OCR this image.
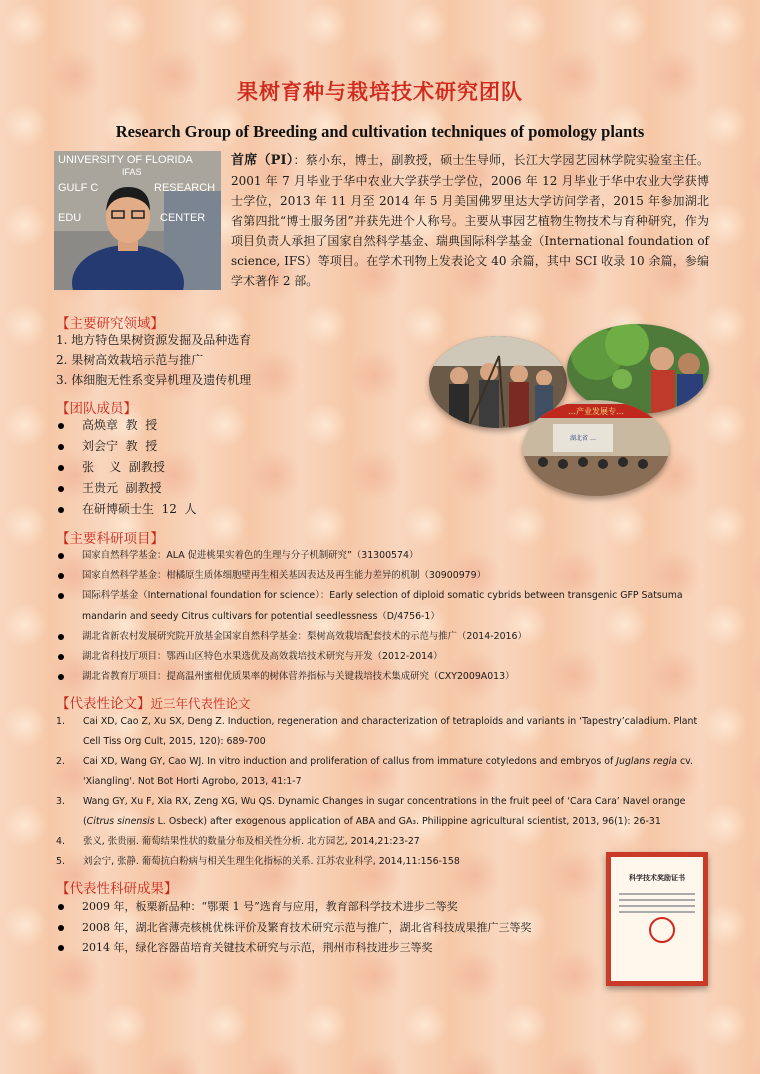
果树育种与栽培技术研究团队
Research Group of Breeding and cultivation techniques of pomology plants
UNIVERSITY OF FLORIDA
IFAS
GULF C	RESEARCH
EDU	CENTER
首席（PI）：蔡小东，博士，副教授，硕士生导师，长江大学园艺园林学院实验室主任。2001 年 7 月毕业于华中农业大学获学士学位，2006 年 12 月毕业于华中农业大学获博士学位，2013 年 11 月至 2014 年 5 月美国佛罗里达大学访问学者，2015 年参加湖北省第四批“博士服务团”并获先进个人称号。主要从事园艺植物生物技术与育种研究，作为项目负责人承担了国家自然科学基金、瑞典国际科学基金（International foundation of science, IFS）等项目。在学术刊物上发表论文 40 余篇，其中 SCI 收录 10 余篇，参编学术著作 2 部。
【主要研究领域】
1. 地方特色果树资源发掘及品种选育
2. 果树高效栽培示范与推广
3. 体细胞无性系变异机理及遗传机理
【团队成员】
高焕章  教  授
刘会宁  教  授
张    义  副教授
王贵元  副教授
在研博硕士生  12  人
…产业发展专…
湖北省 …
【主要科研项目】
国家自然科学基金：ALA 促进桃果实着色的生理与分子机制研究”（31300574）
国家自然科学基金：柑橘原生质体细胞壁再生相关基因表达及再生能力差异的机制（30900979）
国际科学基金（International foundation for science）：Early selection of diploid somatic cybrids between transgenic GFP Satsuma mandarin and seedy Citrus cultivars for potential seedlessness（D/4756-1）
湖北省新农村发展研究院开放基金国家自然科学基金：梨树高效栽培配套技术的示范与推广（2014-2016）
湖北省科技厅项目：鄂西山区特色水果选优及高效栽培技术研究与开发（2012-2014）
湖北省教育厅项目：提高温州蜜柑优质果率的树体营养指标与关键栽培技术集成研究（CXY2009A013）
【代表性论文】近三年代表性论文
1.	Cai XD, Cao Z, Xu SX, Deng Z. Induction, regeneration and characterization of tetraploids and variants in ‘Tapestry’caladium. Plant Cell Tiss Org Cult, 2015, 120): 689-700
2.	Cai XD, Wang GY, Cao WJ. In vitro induction and proliferation of callus from immature cotyledons and embryos of Juglans regia cv. 'Xiangling'. Not Bot Horti Agrobo, 2013, 41:1-7
3.	Wang GY, Xu F, Xia RX, Zeng XG, Wu QS. Dynamic Changes in sugar concentrations in the fruit peel of ‘Cara Cara’ Navel orange (Citrus sinensis L. Osbeck) after exogenous application of ABA and GA₃. Philippine agricultural scientist, 2013, 96(1): 26-31
4.	张义, 张贵丽. 葡萄结果性状的数量分布及相关性分析. 北方园艺, 2014,21:23-27
5.	刘会宁, 张静. 葡萄抗白粉病与相关生理生化指标的关系. 江苏农业科学, 2014,11:156-158
【代表性科研成果】
2009 年，板栗新品种：“鄂栗 1 号”选育与应用，教育部科学技术进步二等奖
2008 年，湖北省薄壳核桃优株评价及繁育技术研究示范与推广，湖北省科技成果推广三等奖
2014 年，绿化容器苗培育关键技术研究与示范，荆州市科技进步三等奖
科学技术奖励证书
